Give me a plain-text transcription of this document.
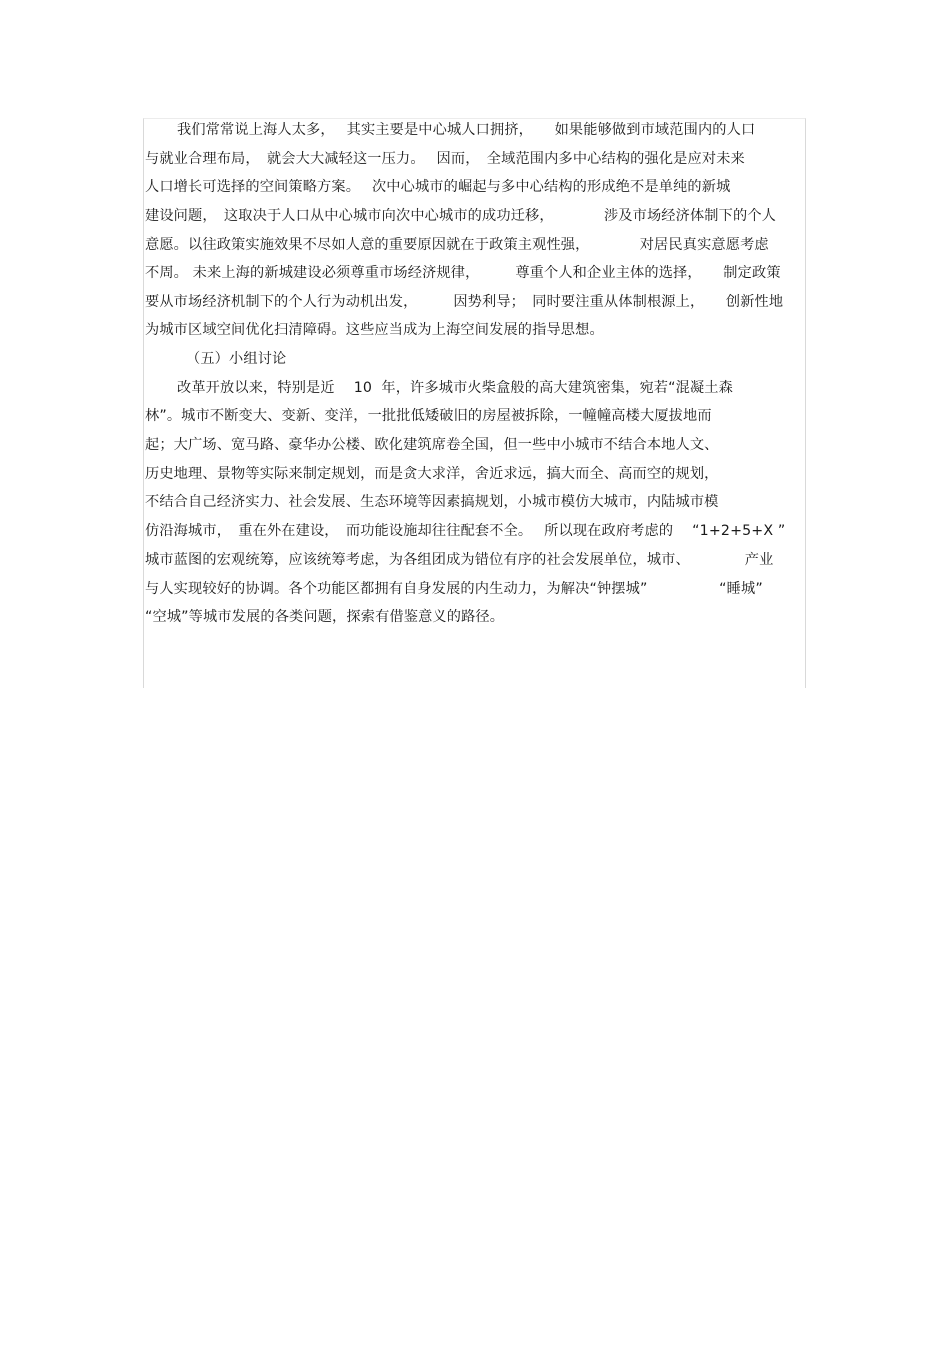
我们常常说上海人太多，　 其实主要是中心城人口拥挤，　　如果能够做到市域范围内的人口
与就业合理布局，　就会大大减轻这一压力。　 因而，　全域范围内多中心结构的强化是应对未来
人口增长可选择的空间策略方案。　 次中心城市的崛起与多中心结构的形成绝不是单纯的新城
建设问题，　这取决于人口从中心城市向次中心城市的成功迁移，　　　　涉及市场经济体制下的个人
意愿。以往政策实施效果不尽如人意的重要原因就在于政策主观性强，　　　　对居民真实意愿考虑
不周。 未来上海的新城建设必须尊重市场经济规律，　　　尊重个人和企业主体的选择，　　制定政策
要从市场经济机制下的个人行为动机出发，　　　因势利导；　同时要注重从体制根源上，　　创新性地
为城市区域空间优化扫清障碍。这些应当成为上海空间发展的指导思想。
（五）小组讨论
改革开放以来，特别是近　 10  年，许多城市火柴盒般的高大建筑密集，宛若“混凝土森
林”。城市不断变大、变新、变洋，一批批低矮破旧的房屋被拆除，一幢幢高楼大厦拔地而
起；大广场、宽马路、豪华办公楼、欧化建筑席卷全国，但一些中小城市不结合本地人文、
历史地理、景物等实际来制定规划，而是贪大求洋，舍近求远，搞大而全、高而空的规划，
不结合自己经济实力、社会发展、生态环境等因素搞规划，小城市模仿大城市，内陆城市模
仿沿海城市，　重在外在建设，　而功能设施却往往配套不全。　 所以现在政府考虑的　 “1+2+5+X ”
城市蓝图的宏观统筹，应该统筹考虑，为各组团成为错位有序的社会发展单位，城市、　　　　 产业
与人实现较好的协调。各个功能区都拥有自身发展的内生动力，为解决“钟摆城”　　　　　“睡城”
“空城”等城市发展的各类问题，探索有借鉴意义的路径。
